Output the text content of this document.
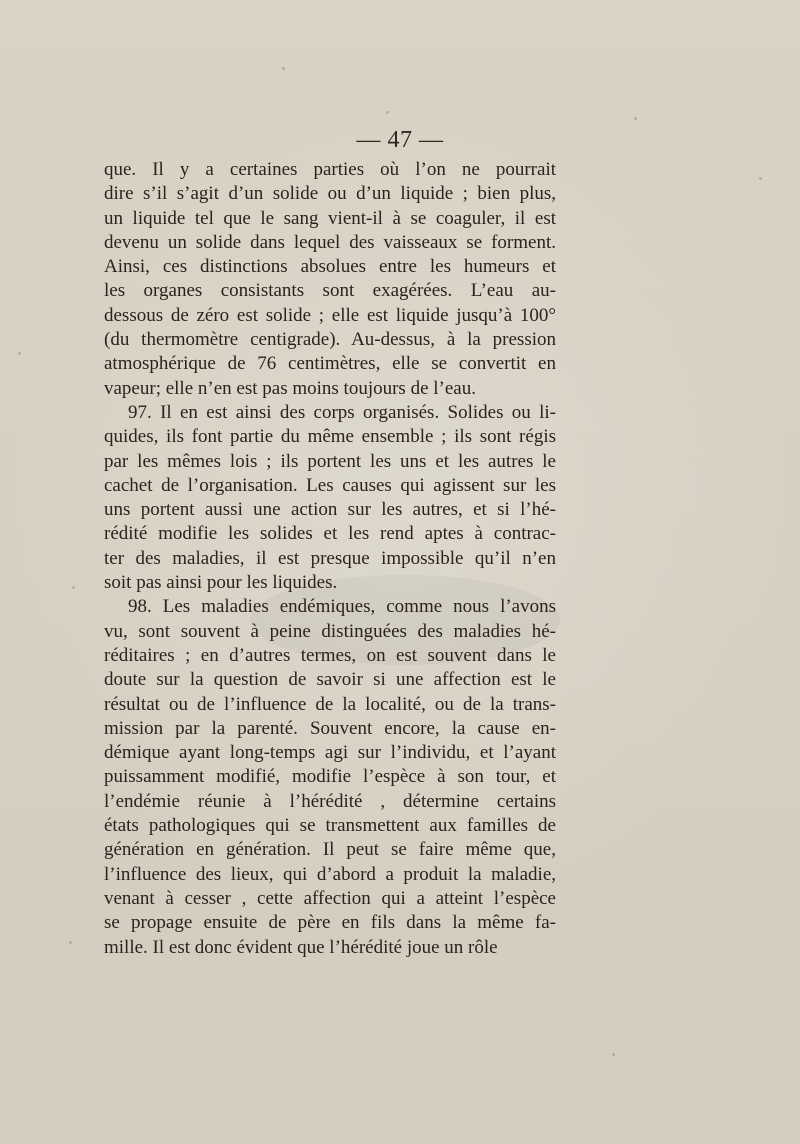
— 47 —
que. Il y a certaines parties où l’on ne pourrait
dire s’il s’agit d’un solide ou d’un liquide ; bien plus,
un liquide tel que le sang vient-il à se coaguler, il est
devenu un solide dans lequel des vaisseaux se forment.
Ainsi, ces distinctions absolues entre les humeurs et
les organes consistants sont exagérées. L’eau au-
dessous de zéro est solide ; elle est liquide jusqu’à 100°
(du thermomètre centigrade). Au-dessus, à la pression
atmosphérique de 76 centimètres, elle se convertit en
vapeur; elle n’en est pas moins toujours de l’eau.
97. Il en est ainsi des corps organisés. Solides ou li-
quides, ils font partie du même ensemble ; ils sont régis
par les mêmes lois ; ils portent les uns et les autres le
cachet de l’organisation. Les causes qui agissent sur les
uns portent aussi une action sur les autres, et si l’hé-
rédité modifie les solides et les rend aptes à contrac-
ter des maladies, il est presque impossible qu’il n’en
soit pas ainsi pour les liquides.
98. Les maladies endémiques, comme nous l’avons
vu, sont souvent à peine distinguées des maladies hé-
réditaires ; en d’autres termes, on est souvent dans le
doute sur la question de savoir si une affection est le
résultat ou de l’influence de la localité, ou de la trans-
mission par la parenté. Souvent encore, la cause en-
démique ayant long-temps agi sur l’individu, et l’ayant
puissamment modifié, modifie l’espèce à son tour, et
l’endémie réunie à l’hérédité , détermine certains
états pathologiques qui se transmettent aux familles de
génération en génération. Il peut se faire même que,
l’influence des lieux, qui d’abord a produit la maladie,
venant à cesser , cette affection qui a atteint l’espèce
se propage ensuite de père en fils dans la même fa-
mille. Il est donc évident que l’hérédité joue un rôle
